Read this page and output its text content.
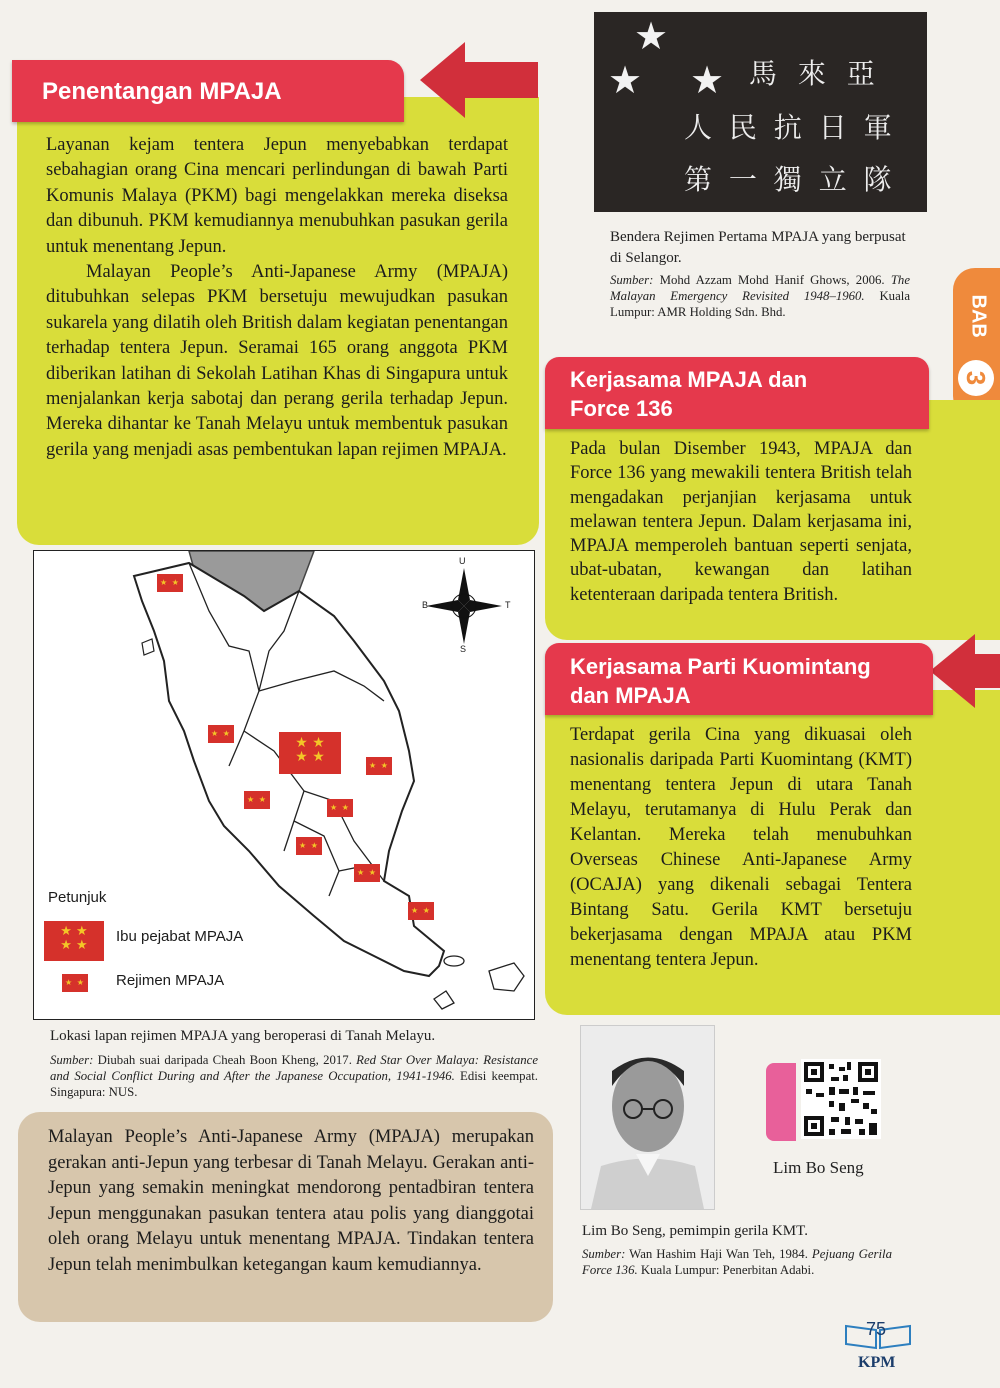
Penentangan MPAJA
Layanan kejam tentera Jepun menyebabkan terdapat sebahagian orang Cina mencari perlindungan di bawah Parti Komunis Malaya (PKM) bagi mengelakkan mereka diseksa dan dibunuh. PKM kemudiannya menubuhkan pasukan gerila untuk menentang Jepun.
Malayan People’s Anti-Japanese Army (MPAJA) ditubuhkan selepas PKM bersetuju mewujudkan pasukan sukarela yang dilatih oleh British dalam kegiatan penentangan terhadap tentera Jepun. Seramai 165 orang anggota PKM diberikan latihan di Sekolah Latihan Khas di Singapura untuk menjalankan kerja sabotaj dan perang gerila terhadap Jepun. Mereka dihantar ke Tanah Melayu untuk membentuk pasukan gerila yang menjadi asas pembentukan lapan rejimen MPAJA.
★
★ ★ 馬 來 亞
人 民 抗 日 軍
第 一 獨 立 隊
Bendera Rejimen Pertama MPAJA yang berpusat di Selangor.
Sumber: Mohd Azzam Mohd Hanif Ghows, 2006. The Malayan Emergency Revisited 1948–1960. Kuala Lumpur: AMR Holding Sdn. Bhd.	BAB
3
Kerjasama MPAJA dan
Force 136
Pada bulan Disember 1943, MPAJA dan Force 136 yang mewakili tentera British telah mengadakan perjanjian kerjasama untuk melawan tentera Jepun. Dalam kerjasama ini, MPAJA memperoleh bantuan seperti senjata, ubat-ubatan, kewangan dan latihan ketenteraan daripada tentera British.
Kerjasama Parti Kuomintang
dan MPAJA
Terdapat gerila Cina yang dikuasai oleh nasionalis daripada Parti Kuomintang (KMT) menentang tentera Jepun di utara Tanah Melayu, terutamanya di Hulu Perak dan Kelantan. Mereka telah menubuhkan Overseas Chinese Anti-Japanese Army (OCAJA) yang dikenali sebagai Tentera Bintang Satu. Gerila KMT bersetuju bekerjasama dengan MPAJA atau PKM menentang tentera Jepun.
U
S
T
B
★ ★
★ ★
★ ★
★ ★
★ ★
★ ★
★ ★
★ ★
★ ★
★ ★
Petunjuk
★ ★
★ ★
Ibu pejabat MPAJA
★ ★
Rejimen MPAJA
Lokasi lapan rejimen MPAJA yang beroperasi di Tanah Melayu.
Sumber: Diubah suai daripada Cheah Boon Kheng, 2017. Red Star Over Malaya: Resistance and Social Conflict During and After the Japanese Occupation, 1941-1946. Edisi keempat. Singapura: NUS.
Malayan People’s Anti-Japanese Army (MPAJA) merupakan gerakan anti-Jepun yang terbesar di Tanah Melayu. Gerakan anti-Jepun yang semakin meningkat mendorong pentadbiran tentera Jepun menggunakan pasukan tentera atau polis yang dianggotai oleh orang Melayu untuk menentang MPAJA. Tindakan tentera Jepun telah menimbulkan ketegangan kaum kemudiannya.
Lim Bo Seng, pemimpin gerila KMT.
Sumber: Wan Hashim Haji Wan Teh, 1984. Pejuang Gerila Force 136. Kuala Lumpur: Penerbitan Adabi.
Lim Bo Seng
75
KPM
